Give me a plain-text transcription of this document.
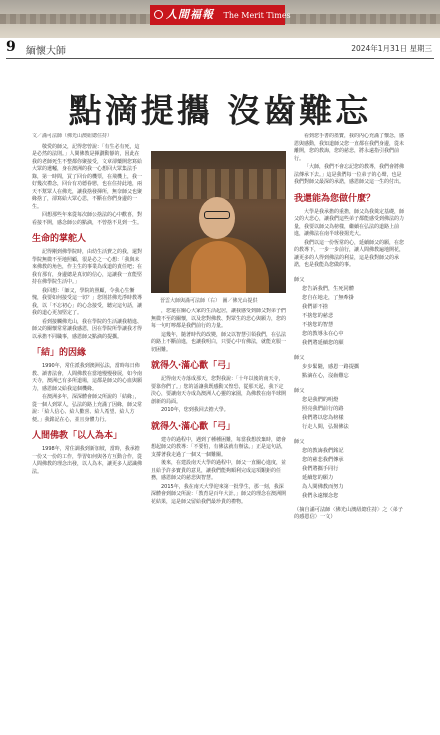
人間福報 The Merit Times
9 緬懷大師	2024年1月31日 星期三
點滴提攜 沒齒難忘
文／滿可法師（佛光山澳紐總住持）

敬愛的師父，記得您曾說：「有生必有死，這是必然的法則。」人間佛教是揮劃動靜的，因此在我的老師死生不整都你聚接受，文章卻藥開您寫給大眾的遺囑，身在澳洲的我一心想回大眾集法手錄，第一時間，買了回台的機票，在飛機上，我一好幾次禮念，回台有功德眷戀，也在住持此地，兩天不幫眾人在佛光，讓我捨發揮所，無奈師父也聚緣捨了，卻寫給大眾心思，不斷在你們身邊的一生。

回想那些年來從每次師公捨法的心中歡喜，對看接不開，感念師公的點滴，不曾捨不見到一生。

生命的掌舵人

記得剛到佛學院時，由幼生活費之的我，還對學院無微不至地照顧，很是必之一心想：「我與未來佛教的角色，作主生的事業為成道的責任吧；在我有那有，身邊總是真切的信心，這讓我一直能堅持在佛學院生活中。」

我回想：「師父，學院的照顧，令我心生慚愧，我要如何接受這一切？」您則甚佛光淨時教導我，以「不忘初心」的心念接受，聽完這句話，讓我的道心更加堅定了。

看到接觸佛光山，我在學院的生活讓我精進、師父的關懷常常讓我感恩，因在學院所學讓我才得以承擔不同職事，感恩師父點滴的提攜。

「結」的因緣

1990年，常住派我到澳洲弘法，當時每日佈教、讀書法會，人間佛教在當地慢慢發展，如今南天寺，澳洲已有多所道場，這都是師父的心血與願力，感恩師父給我這個機緣。

在澳洲多年，深深體會師父所說的「結緣」，從一個人到眾人，弘法的路上充滿了因緣，師父常說：「給人信心、給人歡喜、給人希望、給人方便。」我銘記在心，並且身體力行。

人間佛教「以人為本」

1998年，常住調我到新加坡，當時，我承擔一份又一份的工作，學習如何與各方互動合作，從人間佛教的理念出發，以人為本，讓更多人認識佛法。

晉雲大師與滿可法師（右）　圖／佛光山提供

，您還在關心大家的生活起居，讓我感受到師父對弟子們無微不至的關懷，以及您對佛教、對眾生的悲心與願力，您的每一句叮嚀都是我們前行的力量。

這幾年，隨著時代的改變，師父以智慧引領我們，在弘法的路上不斷前進，也讓我明白，只要心中有佛法，就能克服一切困難。

就得久‧滿心歡「弓」

記得南天寺落成那天，您對我說：「十年以後的南天寺，要靠你們了。」您的話讓我既感動又惶恐，從那天起，我下定決心，要讓南天寺成為澳洲人心靈的家園，為佛教在南半球開創新的局面。

2010年，您到我回去擔大學。

就得久‧滿心歡「弓」

建寺的過程中，遇到了種種困難，每當我想放棄時，總會想起師父的教導：「不要怕，有佛法就有辦法。」正是這句話，支撐著我走過了一個又一個難關。

後來，在建設南天大學的過程中，師父一直關心進度，並且給予許多寶貴的意見，讓我們能夠順利完成這項艱鉅的任務，感恩師父的慈悲與智慧。

2015年，我在南天大學迎來第一批學生，那一刻，我深深體會到師父所說：「教育是百年大計。」師父的理念在澳洲開花結果，這是師父留給我們最珍貴的禮物。

看到您手書的墨寶，我的內心充滿了懷念，感恩與感動，我知道師父您一直都在我們身邊，從未離開，您的教誨，您的慈悲，將永遠指引我們前行。

「大師，我們不會忘記您的教導，我們會將佛法傳承下去。」這是我們每一位弟子的心聲，也是我們對師父最深的承諾，感恩師父這一生的付出。

我還能為您做什麼？

大學是我承擔的重擔，師父為我奠定基礎，師父的大悲心，讓我們這些弟子都能感受到佛法的力量，我要以師父為榜樣，繼續在弘法的道路上前進，讓佛法在南半球發揚光大。

我們以這一份恆常的心，延續師父的願，在您的教導下，一步一步前行，讓人間佛教遍地開花，讓更多的人得到佛法的利益，這是我對師父的承諾，也是我能為您做的事。

師父
您告訴我們，生死同體
您自在地走，了無牽掛
我們卻不捨
不捨您的慈悲
不捨您的智慧
您的教導永在心中
我們將延續您的願
師父
步步緊隨，感恩一路提攜
點滴在心，沒齒難忘
師父
您是我們的明燈
照亮我們前行的路
我們將以您為榜樣
行走人間，弘揚佛法
師父
您的教誨我們銘記
您的慈悲我們傳承
我們將攜手同行
延續您的願力
為人間佛教而努力
我們永遠懷念您
（摘自滿可法師〈佛光山澳紐總住持〉之〈弟子的感恩信〉一文）
